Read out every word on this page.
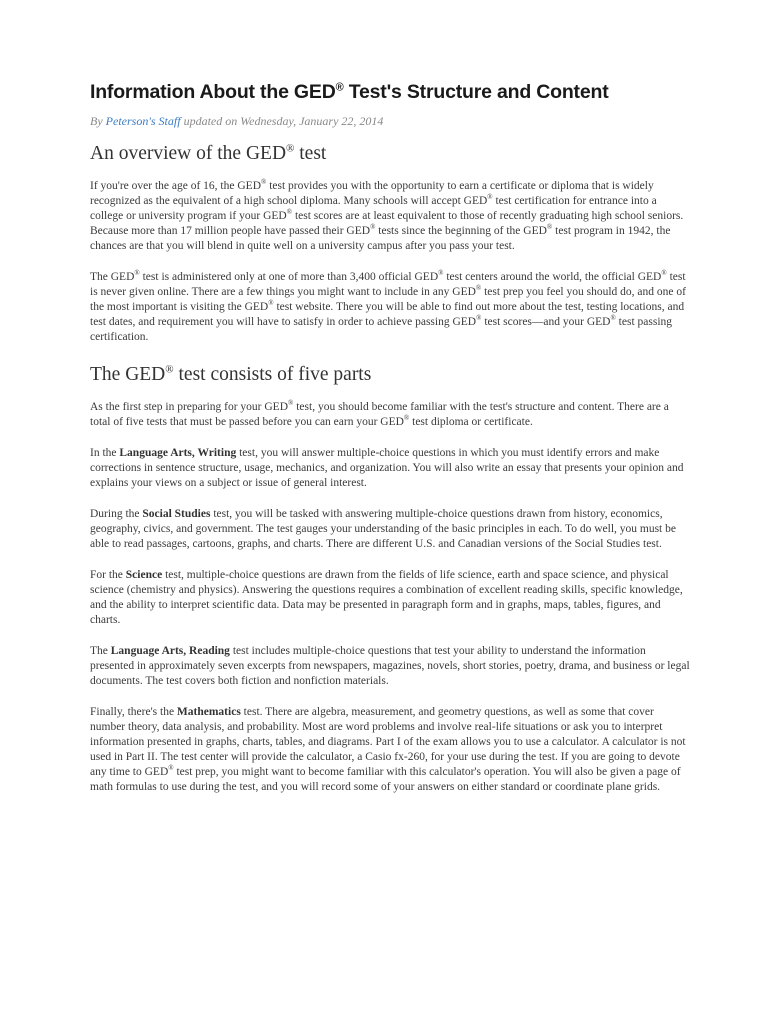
Information About the GED® Test's Structure and Content
By Peterson's Staff updated on Wednesday, January 22, 2014
An overview of the GED® test

If you're over the age of 16, the GED® test provides you with the opportunity to earn a certificate or diploma that is widely recognized as the equivalent of a high school diploma. Many schools will accept GED® test certification for entrance into a college or university program if your GED® test scores are at least equivalent to those of recently graduating high school seniors. Because more than 17 million people have passed their GED® tests since the beginning of the GED® test program in 1942, the chances are that you will blend in quite well on a university campus after you pass your test.

The GED® test is administered only at one of more than 3,400 official GED® test centers around the world, the official GED® test is never given online. There are a few things you might want to include in any GED® test prep you feel you should do, and one of the most important is visiting the GED® test website. There you will be able to find out more about the test, testing locations, and test dates, and requirement you will have to satisfy in order to achieve passing GED® test scores—and your GED® test passing certification.

The GED® test consists of five parts

As the first step in preparing for your GED® test, you should become familiar with the test's structure and content. There are a total of five tests that must be passed before you can earn your GED® test diploma or certificate.

In the Language Arts, Writing test, you will answer multiple-choice questions in which you must identify errors and make corrections in sentence structure, usage, mechanics, and organization. You will also write an essay that presents your opinion and explains your views on a subject or issue of general interest.

During the Social Studies test, you will be tasked with answering multiple-choice questions drawn from history, economics, geography, civics, and government. The test gauges your understanding of the basic principles in each. To do well, you must be able to read passages, cartoons, graphs, and charts. There are different U.S. and Canadian versions of the Social Studies test.

For the Science test, multiple-choice questions are drawn from the fields of life science, earth and space science, and physical science (chemistry and physics). Answering the questions requires a combination of excellent reading skills, specific knowledge, and the ability to interpret scientific data. Data may be presented in paragraph form and in graphs, maps, tables, figures, and charts.

The Language Arts, Reading test includes multiple-choice questions that test your ability to understand the information presented in approximately seven excerpts from newspapers, magazines, novels, short stories, poetry, drama, and business or legal documents. The test covers both fiction and nonfiction materials.

Finally, there's the Mathematics test. There are algebra, measurement, and geometry questions, as well as some that cover number theory, data analysis, and probability. Most are word problems and involve real-life situations or ask you to interpret information presented in graphs, charts, tables, and diagrams. Part I of the exam allows you to use a calculator. A calculator is not used in Part II. The test center will provide the calculator, a Casio fx-260, for your use during the test. If you are going to devote any time to GED® test prep, you might want to become familiar with this calculator's operation. You will also be given a page of math formulas to use during the test, and you will record some of your answers on either standard or coordinate plane grids.
